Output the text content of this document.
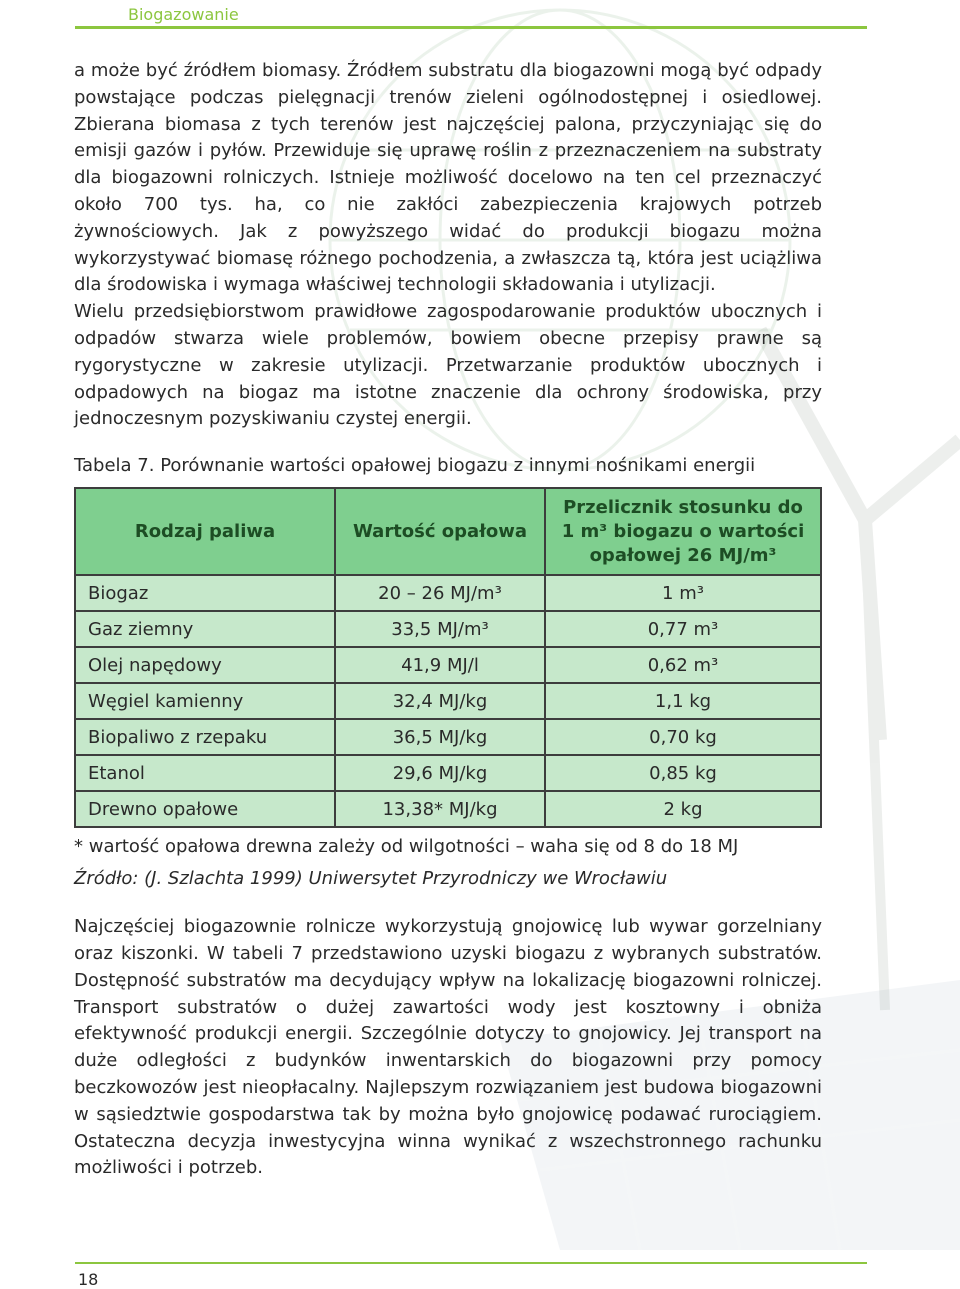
Biogazowanie

a może być źródłem biomasy. Źródłem substratu dla biogazowni mogą być odpady powstające podczas pielęgnacji trenów zieleni ogólnodostępnej i osiedlowej. Zbierana biomasa z tych terenów jest najczęściej palona, przyczyniając się do emisji gazów i pyłów. Przewiduje się uprawę roślin z przeznaczeniem na substraty dla biogazowni rolniczych. Istnieje możliwość docelowo na ten cel przeznaczyć około 700 tys. ha, co nie zakłóci zabezpieczenia krajowych potrzeb żywnościowych. Jak z powyższego widać do produkcji biogazu można wykorzystywać biomasę różnego pochodzenia, a zwłaszcza tą, która jest uciążliwa dla środowiska i wymaga właściwej technologii składowania i utylizacji.

Wielu przedsiębiorstwom prawidłowe zagospodarowanie produktów ubocznych i odpadów stwarza wiele problemów, bowiem obecne przepisy prawne są rygorystyczne w zakresie utylizacji. Przetwarzanie produktów ubocznych i odpadowych na biogaz ma istotne znaczenie dla ochrony środowiska, przy jednoczesnym pozyskiwaniu czystej energii.

Tabela 7. Porównanie wartości opałowej biogazu z innymi nośnikami energii
Rodzaj paliwa	Wartość opałowa	Przelicznik stosunku do
1 m³ biogazu o wartości
opałowej 26 MJ/m³
Biogaz	20 – 26 MJ/m³	1 m³
Gaz ziemny	33,5 MJ/m³	0,77 m³
Olej napędowy	41,9 MJ/l	0,62 m³
Węgiel kamienny	32,4 MJ/kg	1,1 kg
Biopaliwo z rzepaku	36,5 MJ/kg	0,70 kg
Etanol	29,6 MJ/kg	0,85 kg
Drewno opałowe	13,38* MJ/kg	2 kg

* wartość opałowa drewna zależy od wilgotności – waha się od 8 do 18 MJ

Źródło: (J. Szlachta 1999) Uniwersytet Przyrodniczy we Wrocławiu

Najczęściej biogazownie rolnicze wykorzystują gnojowicę lub wywar gorzelniany oraz kiszonki. W tabeli 7 przedstawiono uzyski biogazu z wybranych substratów. Dostępność substratów ma decydujący wpływ na lokalizację biogazowni rolniczej. Transport substratów o dużej zawartości wody jest kosztowny i obniża efektywność produkcji energii. Szczególnie dotyczy to gnojowicy. Jej transport na duże odległości z budynków inwentarskich do biogazowni przy pomocy beczkowozów jest nieopłacalny. Najlepszym rozwiązaniem jest budowa biogazowni w sąsiedztwie gospodarstwa tak by można było gnojowicę podawać rurociągiem. Ostateczna decyzja inwestycyjna winna wynikać z wszechstronnego rachunku możliwości i potrzeb.

18
